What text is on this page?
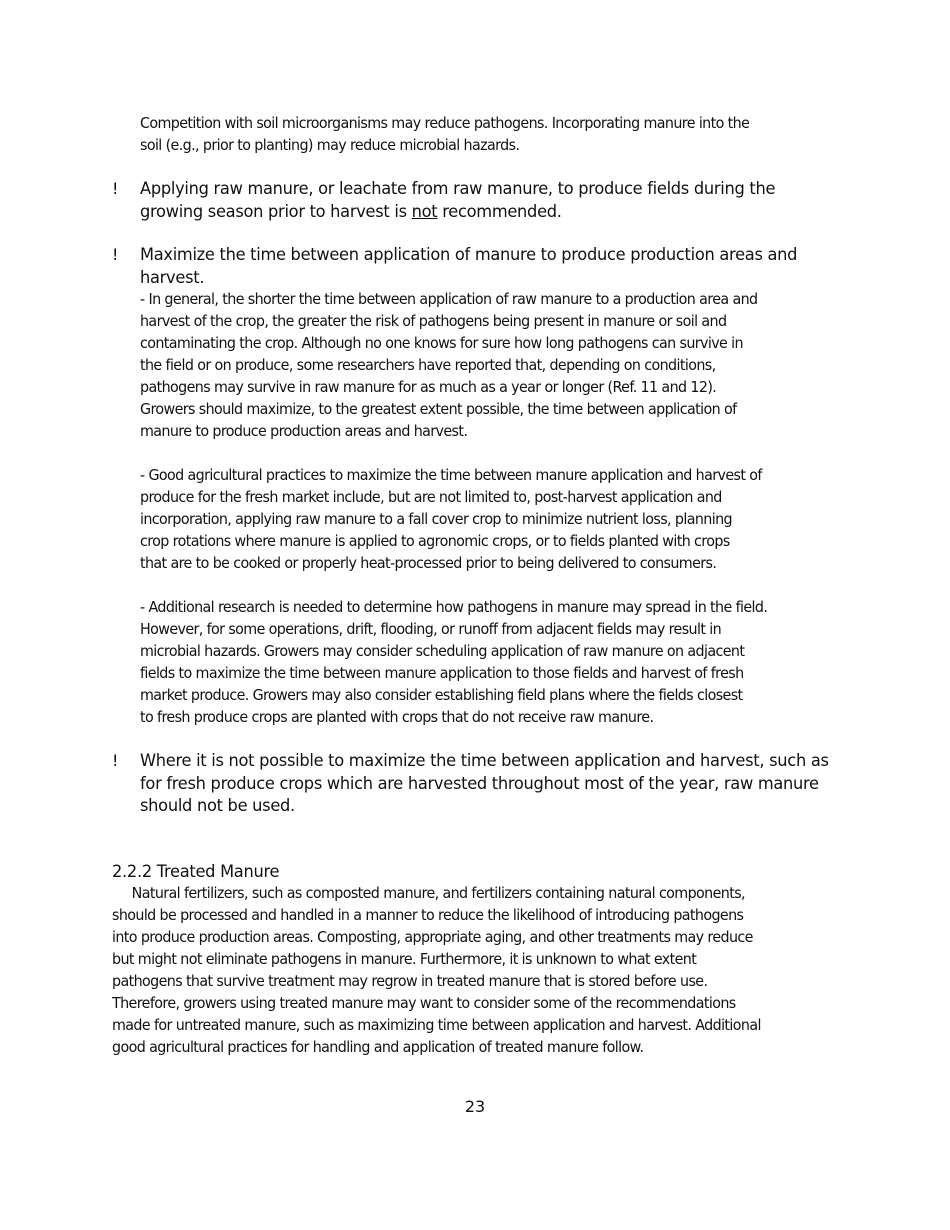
Competition with soil microorganisms may reduce pathogens. Incorporating manure into the
soil (e.g., prior to planting) may reduce microbial hazards.
!	Applying raw manure, or leachate from raw manure, to produce fields during the
growing season prior to harvest is not recommended.
!	Maximize the time between application of manure to produce production areas and
harvest.
- In general, the shorter the time between application of raw manure to a production area and
harvest of the crop, the greater the risk of pathogens being present in manure or soil and
contaminating the crop. Although no one knows for sure how long pathogens can survive in
the field or on produce, some researchers have reported that, depending on conditions,
pathogens may survive in raw manure for as much as a year or longer (Ref. 11 and 12).
Growers should maximize, to the greatest extent possible, the time between application of
manure to produce production areas and harvest.
- Good agricultural practices to maximize the time between manure application and harvest of
produce for the fresh market include, but are not limited to, post-harvest application and
incorporation, applying raw manure to a fall cover crop to minimize nutrient loss, planning
crop rotations where manure is applied to agronomic crops, or to fields planted with crops
that are to be cooked or properly heat-processed prior to being delivered to consumers.
- Additional research is needed to determine how pathogens in manure may spread in the field.
However, for some operations, drift, flooding, or runoff from adjacent fields may result in
microbial hazards. Growers may consider scheduling application of raw manure on adjacent
fields to maximize the time between manure application to those fields and harvest of fresh
market produce. Growers may also consider establishing field plans where the fields closest
to fresh produce crops are planted with crops that do not receive raw manure.
!	Where it is not possible to maximize the time between application and harvest, such as
for fresh produce crops which are harvested throughout most of the year, raw manure
should not be used.
2.2.2 Treated Manure
Natural fertilizers, such as composted manure, and fertilizers containing natural components,
should be processed and handled in a manner to reduce the likelihood of introducing pathogens
into produce production areas. Composting, appropriate aging, and other treatments may reduce
but might not eliminate pathogens in manure. Furthermore, it is unknown to what extent
pathogens that survive treatment may regrow in treated manure that is stored before use.
Therefore, growers using treated manure may want to consider some of the recommendations
made for untreated manure, such as maximizing time between application and harvest. Additional
good agricultural practices for handling and application of treated manure follow.
23
